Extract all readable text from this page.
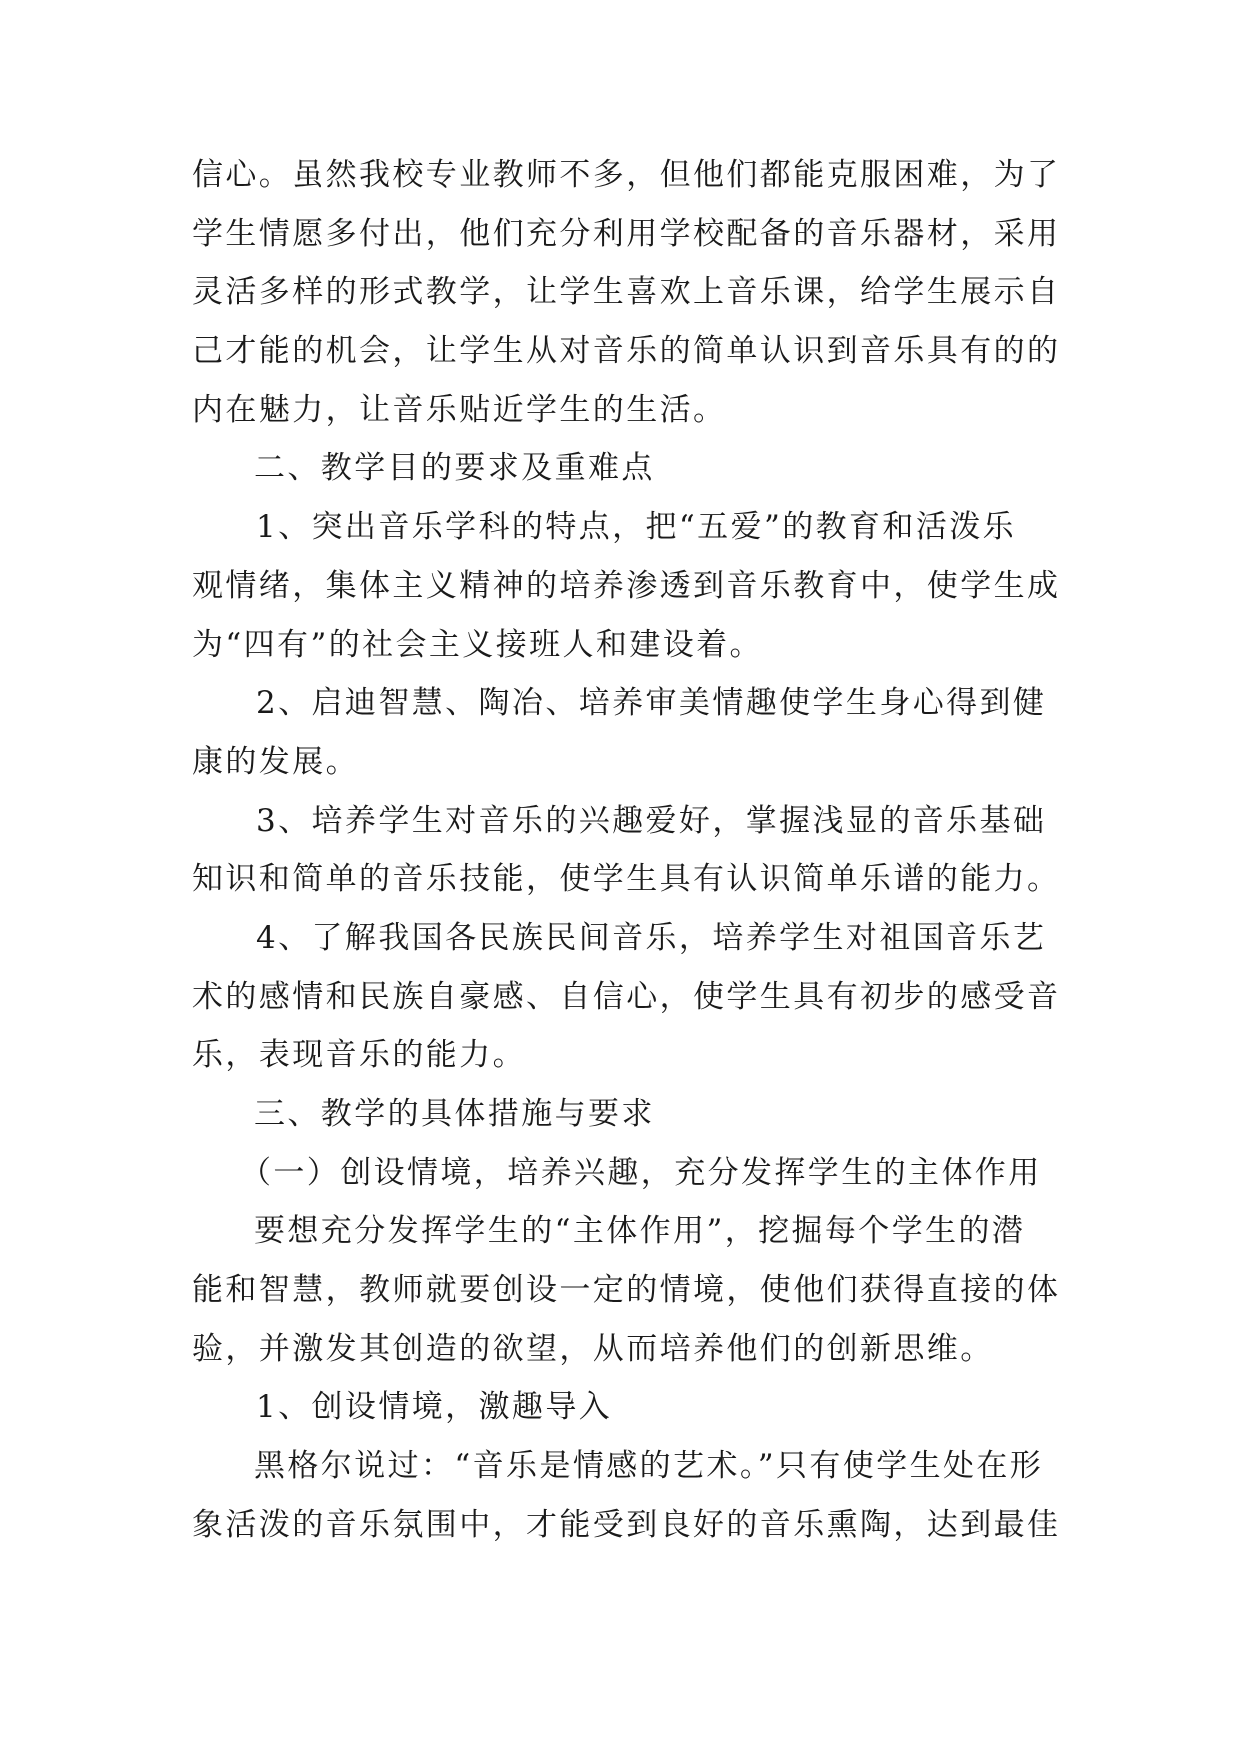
信心。虽然我校专业教师不多，但他们都能克服困难，为了
学生情愿多付出，他们充分利用学校配备的音乐器材，采用
灵活多样的形式教学，让学生喜欢上音乐课，给学生展示自
己才能的机会，让学生从对音乐的简单认识到音乐具有的的
内在魅力，让音乐贴近学生的生活。
二、教学目的要求及重难点
1、突出音乐学科的特点，把“五爱”的教育和活泼乐
观情绪，集体主义精神的培养渗透到音乐教育中，使学生成
为“四有”的社会主义接班人和建设着。
2、启迪智慧、陶冶、培养审美情趣使学生身心得到健
康的发展。
3、培养学生对音乐的兴趣爱好，掌握浅显的音乐基础
知识和简单的音乐技能，使学生具有认识简单乐谱的能力。
4、了解我国各民族民间音乐，培养学生对祖国音乐艺
术的感情和民族自豪感、自信心，使学生具有初步的感受音
乐，表现音乐的能力。
三、教学的具体措施与要求
（一）创设情境，培养兴趣，充分发挥学生的主体作用
要想充分发挥学生的“主体作用”，挖掘每个学生的潜
能和智慧，教师就要创设一定的情境，使他们获得直接的体
验，并激发其创造的欲望，从而培养他们的创新思维。
1、创设情境，激趣导入
黑格尔说过：“音乐是情感的艺术。”只有使学生处在形
象活泼的音乐氛围中，才能受到良好的音乐熏陶，达到最佳
